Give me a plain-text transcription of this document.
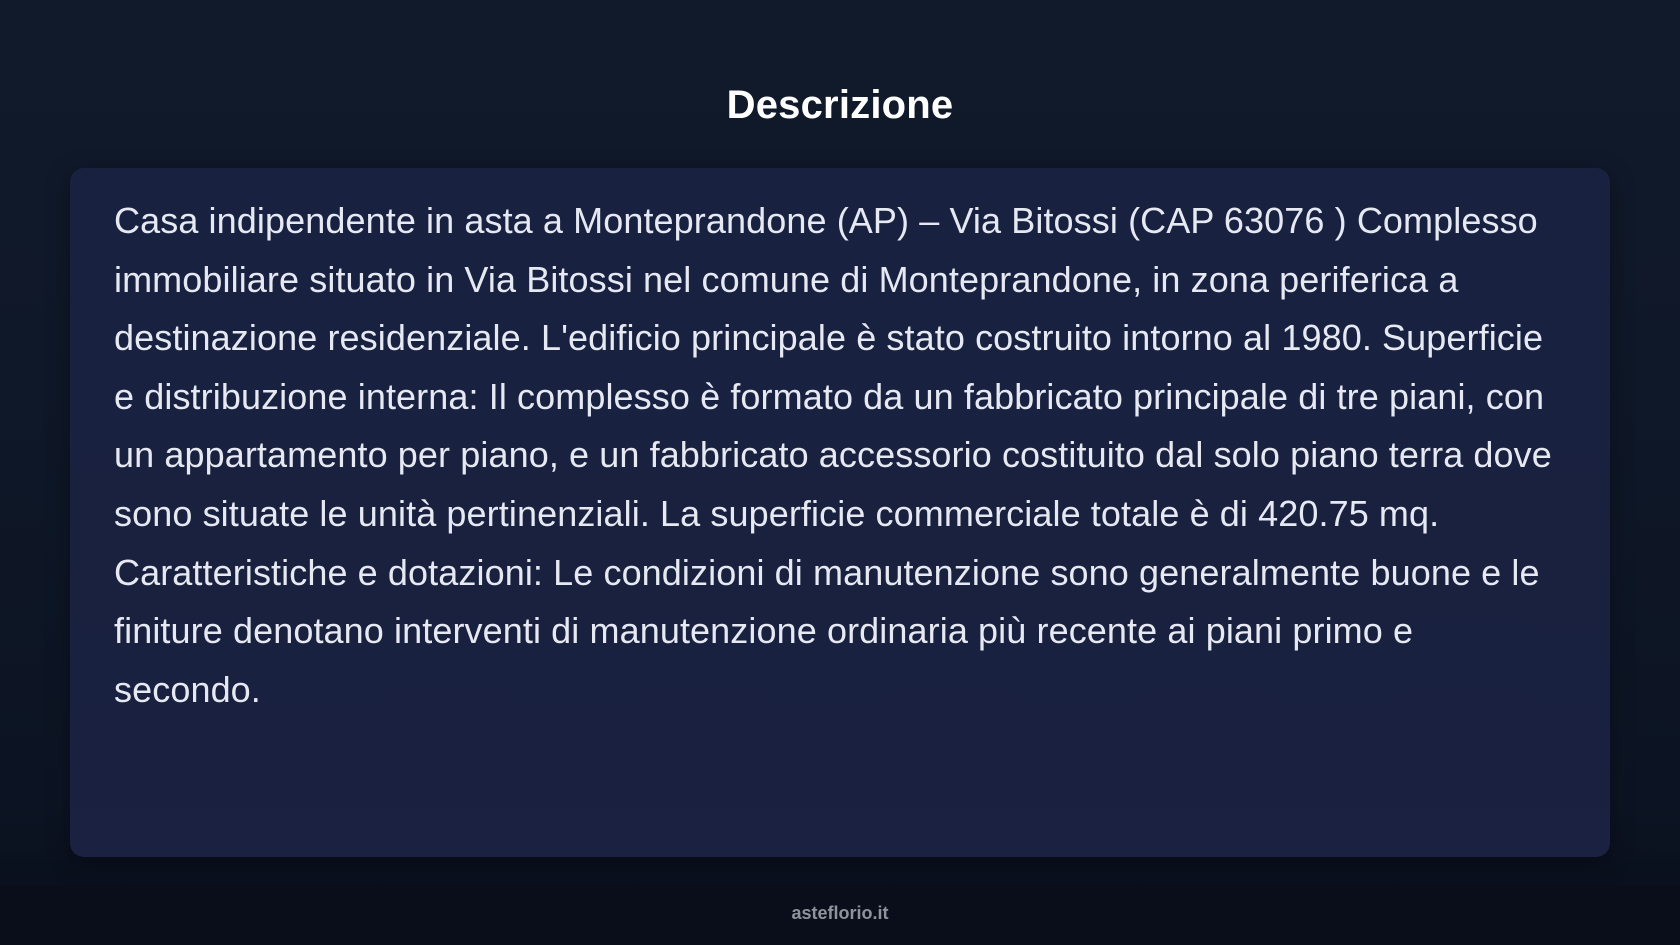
Descrizione

Casa indipendente in asta a Monteprandone (AP) – Via Bitossi (CAP 63076 ) Complesso immobiliare situato in Via Bitossi nel comune di Monteprandone, in zona periferica a destinazione residenziale. L'edificio principale è stato costruito intorno al 1980. Superficie e distribuzione interna: Il complesso è formato da un fabbricato principale di tre piani, con un appartamento per piano, e un fabbricato accessorio costituito dal solo piano terra dove sono situate le unità pertinenziali. La superficie commerciale totale è di 420.75 mq. Caratteristiche e dotazioni: Le condizioni di manutenzione sono generalmente buone e le finiture denotano interventi di manutenzione ordinaria più recente ai piani primo e secondo.

asteflorio.it
